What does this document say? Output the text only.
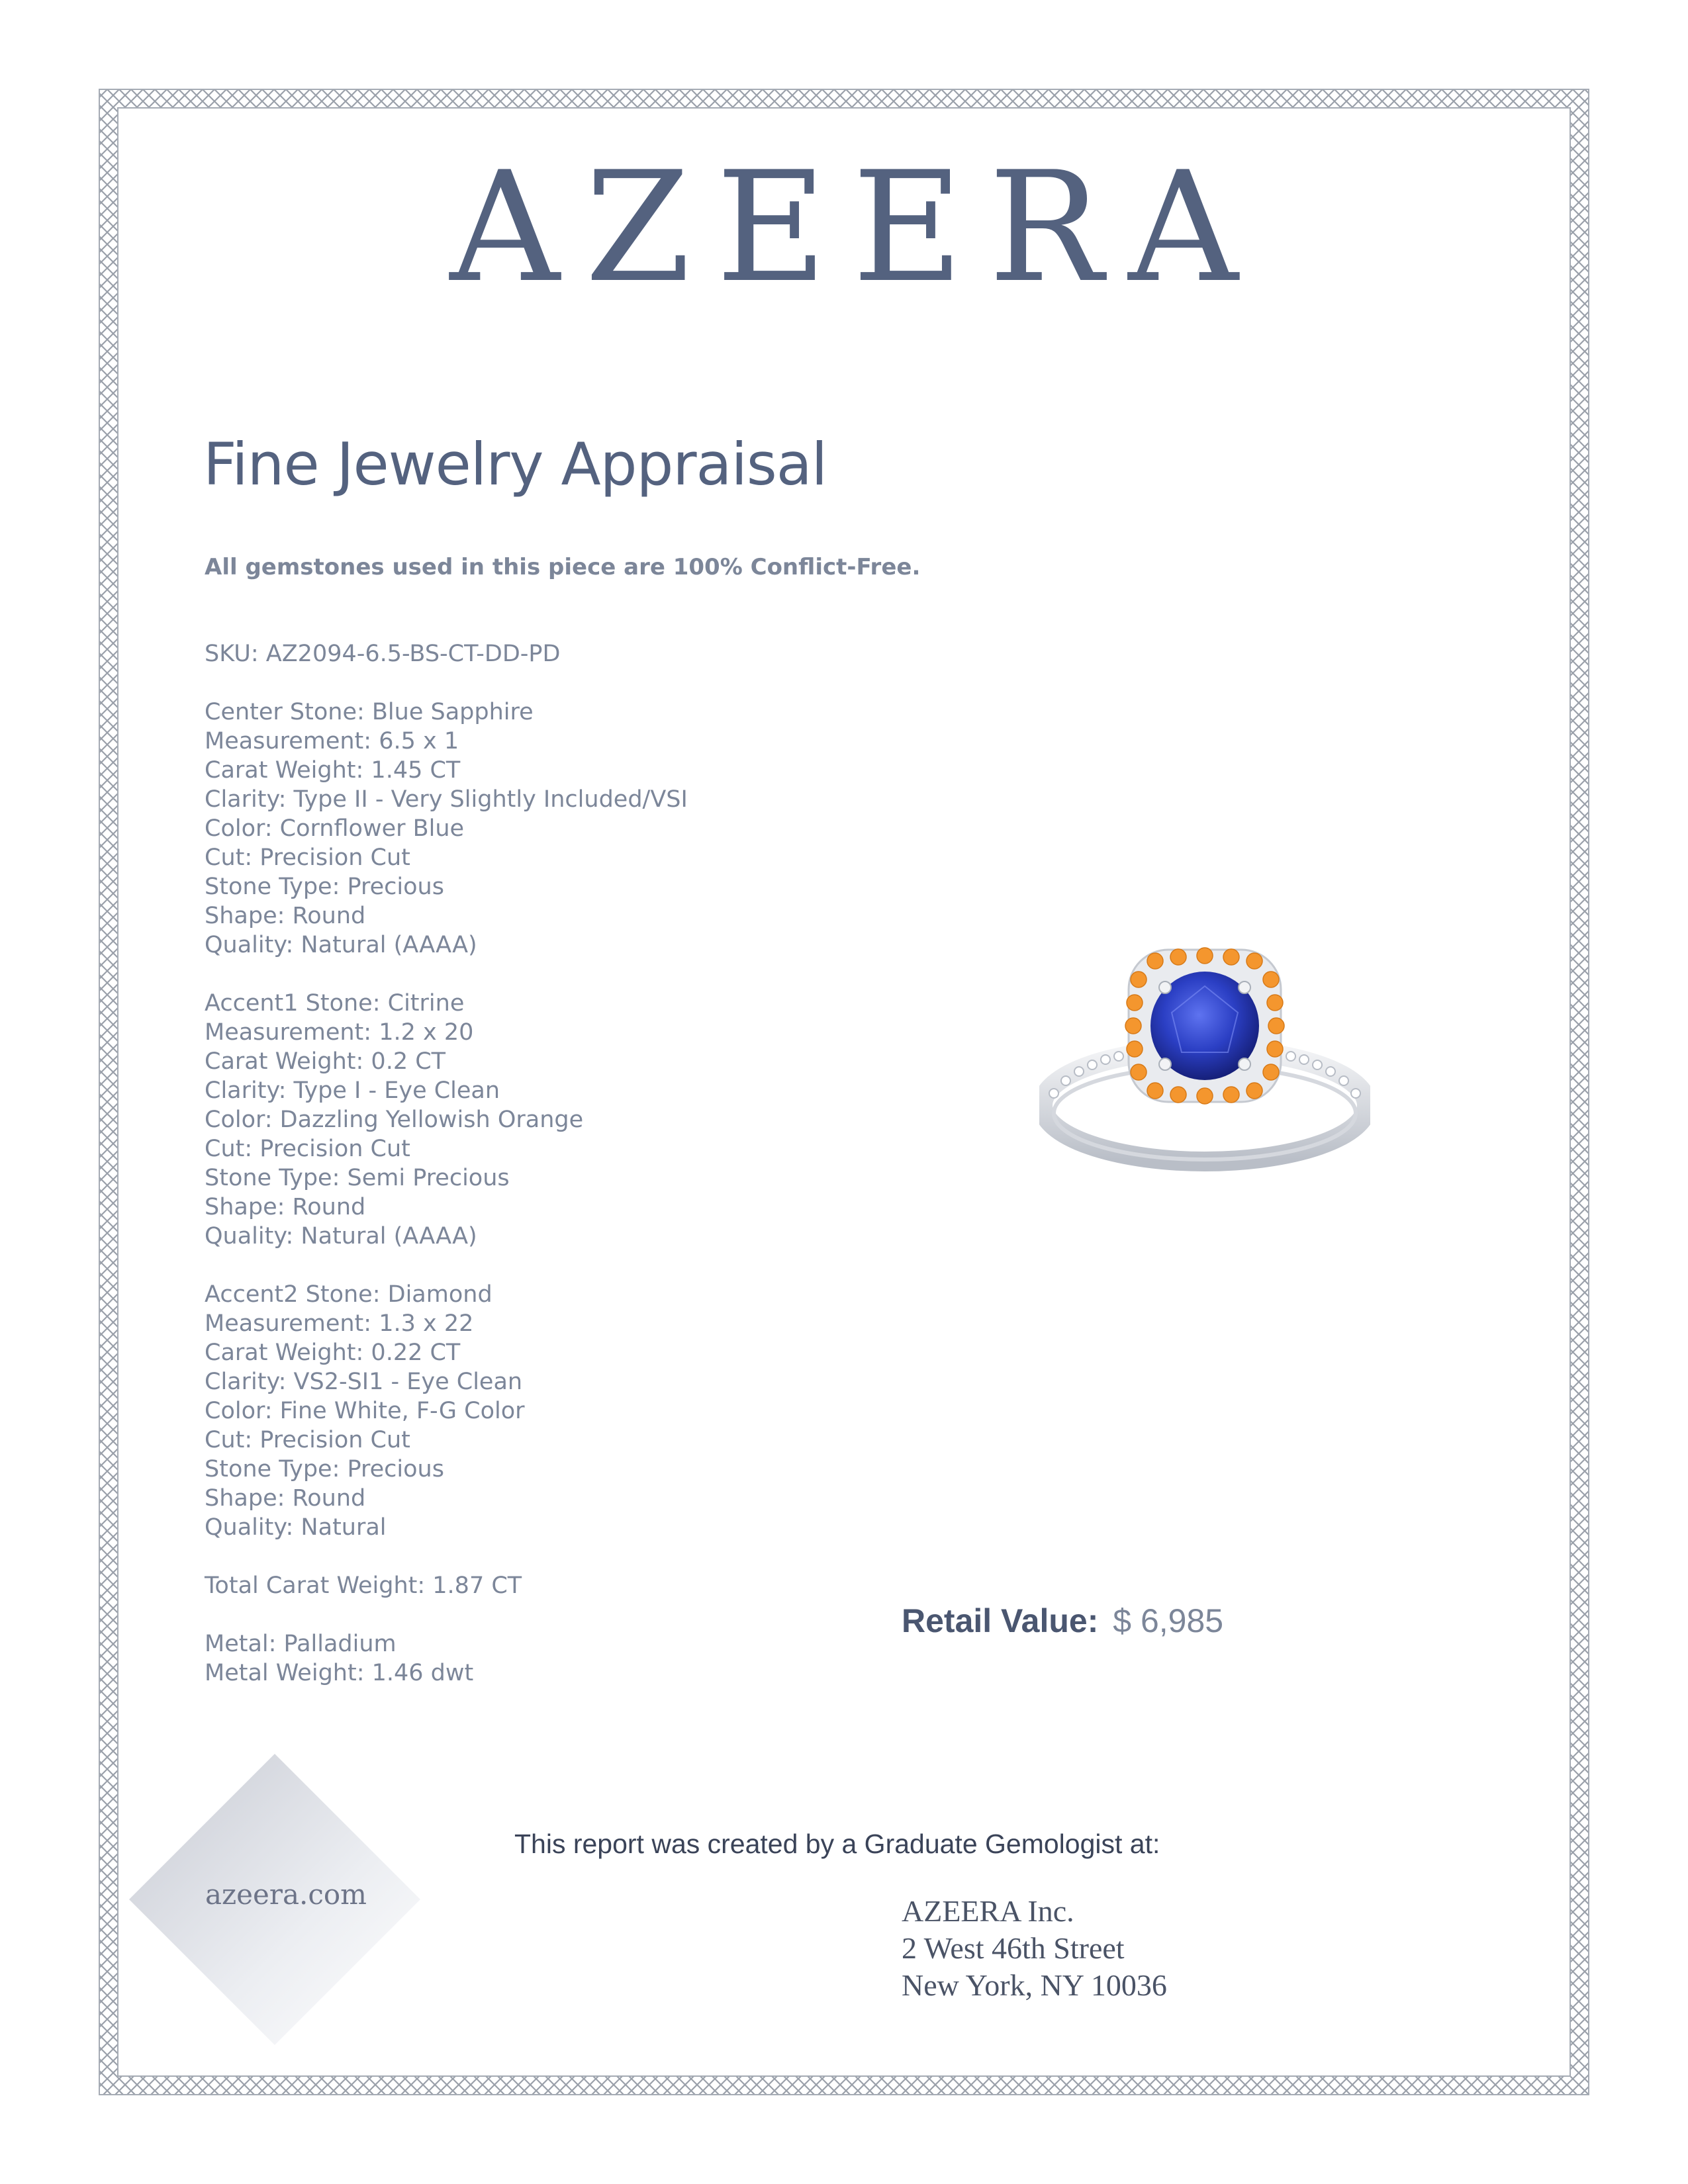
AZEERA
Fine Jewelry Appraisal
All gemstones used in this piece are 100% Conflict-Free.
SKU: AZ2094-6.5-BS-CT-DD-PD
Center Stone: Blue Sapphire
Measurement: 6.5 x 1
Carat Weight: 1.45 CT
Clarity: Type II - Very Slightly Included/VSI
Color: Cornflower Blue
Cut: Precision Cut
Stone Type: Precious
Shape: Round
Quality: Natural (AAAA)
Accent1 Stone: Citrine
Measurement: 1.2 x 20
Carat Weight: 0.2 CT
Clarity: Type I - Eye Clean
Color: Dazzling Yellowish Orange
Cut: Precision Cut
Stone Type: Semi Precious
Shape: Round
Quality: Natural (AAAA)
Accent2 Stone: Diamond
Measurement: 1.3 x 22
Carat Weight: 0.22 CT
Clarity: VS2-SI1 - Eye Clean
Color: Fine White, F-G Color
Cut: Precision Cut
Stone Type: Precious
Shape: Round
Quality: Natural
Total Carat Weight: 1.87 CT
Metal: Palladium
Metal Weight: 1.46 dwt
Retail Value: $ 6,985
azeera.com
This report was created by a Graduate Gemologist at:
AZEERA Inc.
2 West 46th Street
New York, NY 10036
